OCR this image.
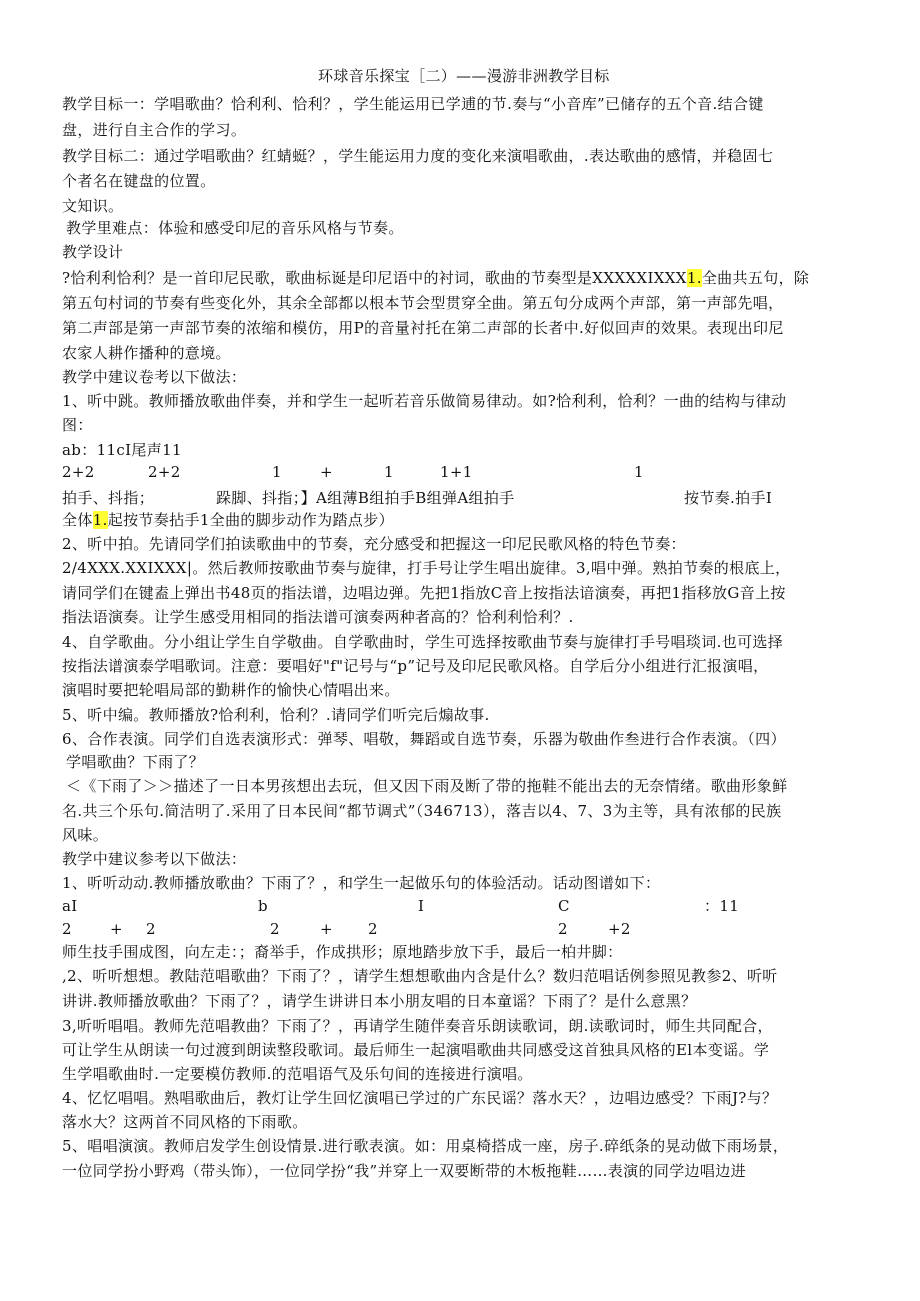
环球音乐探宝［二）——漫游非洲教学目标
教学目标一：学唱歌曲？恰利利、恰利？，学生能运用已学逋的节.奏与“小音库”已储存的五个音.结合键
盘，进行自主合作的学习。
教学目标二：通过学唱歌曲？红蜻蜓？，学生能运用力度的变化来演唱歌曲，.表达歌曲的感情，并稳固七
个者名在键盘的位置。
文知识。
教学里难点：体验和感受印尼的音乐风格与节奏。
教学设计
?恰利利恰利？是一首印尼民歌，歌曲标诞是印尼语中的衬词，歌曲的节奏型是XXXXXIXXX1.全曲共五句，除
第五句村词的节奏有些变化外，其余全部都以根本节会型贯穿全曲。第五句分成两个声部，第一声部先唱，
第二声部是第一声部节奏的浓缩和模仿，用P的音量衬托在第二声部的长者中.好似回声的效果。表现出印尼
农家人耕作播种的意境。
教学中建议卷考以下做法：
1、听中跳。教师播放歌曲伴奏，并和学生一起听若音乐做简易律动。如?恰利利，恰利？一曲的结构与律动
图：
ab：11cI尾声11
2+2	2+2	1	+	1	1+1	1
拍手、抖指；	跺脚、抖指；】A组薄B组拍手B组弹A组拍手	按节奏.拍手I
全体1.起按节奏拈手1全曲的脚步动作为踏点步）
2、听中拍。先请同学们拍读歌曲中的节奏，充分感受和把握这一印尼民歌风格的特色节奏：
2/4XXX.XXIXXX|。然后教师按歌曲节奏与旋律，打手号让学生唱出旋律。3,唱中弹。熟拍节奏的根底上，
请同学们在键盍上弹出书48页的指法谱，边唱边弹。先把1指放C音上按指法谙演奏，再把1指移放G音上按
指法语演奏。让学生感受用相同的指法谱可演奏两种者高的？恰利利恰利？.
4、自学歌曲。分小组让学生自学敬曲。自学歌曲时，学生可选择按歌曲节奏与旋律打手号唱琰词.也可选择
按指法谱演泰学唱歌词。注意：要唱好"f"记号与“p”记号及印尼民歌风格。自学后分小组进行汇报演唱，
演唱时要把轮唱局部的勤耕作的愉快心情唱出来。
5、听中编。教师播放?恰利利，恰利？.请同学们听完后煽故事.
6、合作表演。同学们自选表演形式：弹琴、唱敬，舞蹈或自选节奏，乐器为敬曲作叁进行合作表演。（四）
学唱歌曲？下雨了？
＜《下雨了＞＞描述了一日本男孩想出去玩，但又因下雨及断了带的拖鞋不能出去的无奈情绪。歌曲形象鲜
名.共三个乐句.简洁明了.采用了日本民间“都节调式”（346713），落吉以4、7、3为主等，具有浓郁的民族
风味。
教学中建议参考以下做法：
1、听听动动.教师播放歌曲？下雨了？，和学生一起做乐句的体验活动。话动图谱如下：
aI	b	I	C	：11
2	+ 2	2	+ 2	2	+2
师生技手围成图，向左走：；裔举手，作成拱形；原地踏步放下手，最后一柏井脚：
,2、听听想想。教陆范唱歌曲？下雨了？，请学生想想歌曲内含是什么？数归范唱话例参照见教参2、听听
讲讲.教师播放歌曲？下雨了？，请学生讲讲日本小朋友唱的日本童谣？下雨了？是什么意黑？
3,听听唱唱。教师先范唱教曲？下雨了？，再请学生随伴奏音乐朗读歌词，朗.读歌词时，师生共同配合，
可让学生从朗读一句过渡到朗读整段歌词。最后师生一起演唱歌曲共同感受这首独具风格的El本变谣。学
生学唱歌曲时.一定要模仿教师.的范唱语气及乐句间的连接进行演唱。
4、忆忆唱唱。熟唱歌曲后，教灯让学生回忆演唱已学过的广东民谣？落水天？，边唱边感受？下雨J?与？
落水大？这两首不同风格的下雨歌。
5、唱唱演演。教师启发学生创设情景.进行歌表演。如：用桌椅搭成一座，房子.碎纸条的晃动做下雨场景，
一位同学扮小野鸡（带头饰），一位同学扮“我”并穿上一双要断带的木板拖鞋……表演的同学边唱边进
